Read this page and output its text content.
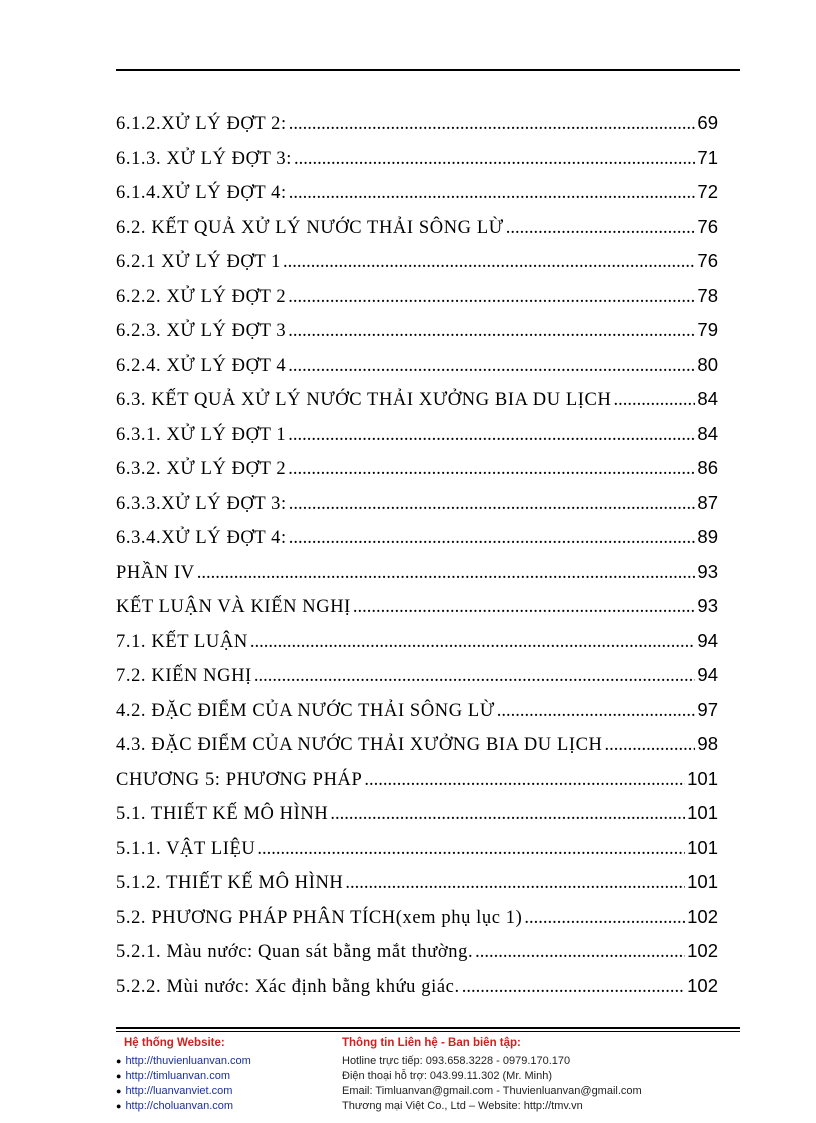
6.1.2.XỬ LÝ ĐỢT 2: .....	69
6.1.3. XỬ LÝ ĐỢT 3: .....	71
6.1.4.XỬ LÝ ĐỢT 4: .....	72
6.2. KẾT QUẢ XỬ LÝ NƯỚC THẢI SÔNG LỪ .....	76
6.2.1 XỬ LÝ ĐỢT 1 .....	76
6.2.2. XỬ LÝ ĐỢT 2 .....	78
6.2.3. XỬ LÝ ĐỢT 3 .....	79
6.2.4. XỬ LÝ ĐỢT 4 .....	80
6.3. KẾT QUẢ XỬ LÝ NƯỚC THẢI XƯỞNG BIA DU LỊCH .....	84
6.3.1. XỬ LÝ ĐỢT 1 .....	84
6.3.2. XỬ LÝ ĐỢT 2 .....	86
6.3.3.XỬ LÝ ĐỢT 3: .....	87
6.3.4.XỬ LÝ ĐỢT 4: .....	89
PHẦN IV .....	93
KẾT LUẬN VÀ KIẾN NGHỊ .....	93
7.1. KẾT LUẬN .....	94
7.2. KIẾN NGHỊ .....	94
4.2. ĐẶC ĐIỂM CỦA NƯỚC THẢI SÔNG LỪ .....	97
4.3. ĐẶC ĐIỂM CỦA NƯỚC THẢI XƯỞNG BIA DU LỊCH .....	98
CHƯƠNG 5: PHƯƠNG PHÁP .....	101
5.1. THIẾT KẾ MÔ HÌNH .....	101
5.1.1. VẬT LIỆU .....	101
5.1.2. THIẾT KẾ MÔ HÌNH .....	101
5.2. PHƯƠNG PHÁP PHÂN TÍCH(xem phụ lục 1) .....	102
5.2.1. Màu nước: Quan sát bằng mắt thường. .....	102
5.2.2. Mùi nước: Xác định bằng khứu giác. .....	102
Hệ thống Website:
● http://thuvienluanvan.com
● http://timluanvan.com
● http://luanvanviet.com
● http://choluanvan.com
Thông tin Liên hệ - Ban biên tập:
Hotline trực tiếp: 093.658.3228 - 0979.170.170
Điện thoại hỗ trợ: 043.99.11.302 (Mr. Minh)
Email: Timluanvan@gmail.com - Thuvienluanvan@gmail.com
Thương mại Việt Co., Ltd – Website: http://tmv.vn
